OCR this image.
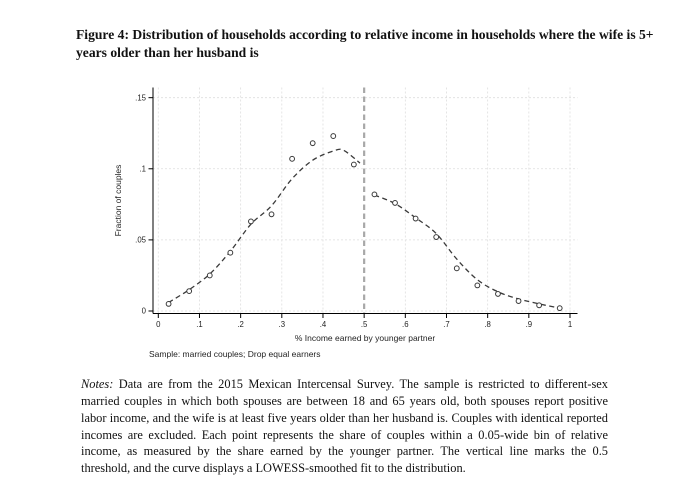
Figure 4: Distribution of households according to relative income in households where the wife is 5+ years older than her husband is
0
.05
.1
.15
0	.1	.2	.3	.4	.5	.6	.7	.8	.9	1
Fraction of couples
% Income earned by younger partner
Sample: married couples; Drop equal earners

Notes: Data are from the 2015 Mexican Intercensal Survey. The sample is restricted to different-sex married couples in which both spouses are between 18 and 65 years old, both spouses report positive labor income, and the wife is at least five years older than her husband is. Couples with identical reported incomes are excluded. Each point represents the share of couples within a 0.05-wide bin of relative income, as measured by the share earned by the younger partner. The vertical line marks the 0.5 threshold, and the curve displays a LOWESS-smoothed fit to the distribution.
